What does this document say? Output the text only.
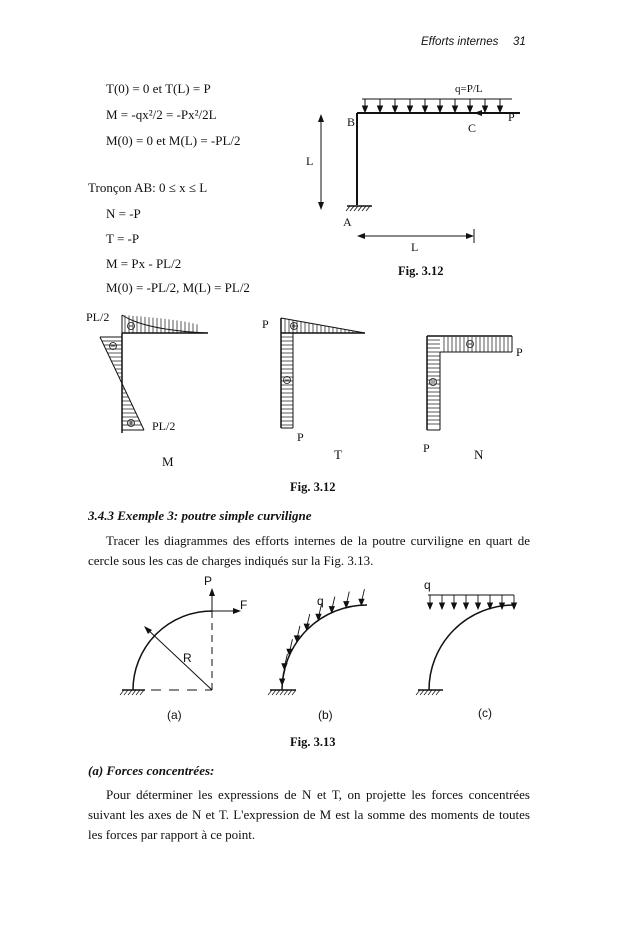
Efforts internes 31
T(0) = 0 et T(L) = P
M = -qx²/2 = -Px²/2L
M(0) = 0 et M(L) = -PL/2
Tronçon AB: 0 ≤ x ≤ L
N = -P
T = -P
M = Px - PL/2
M(0) = -PL/2, M(L) = PL/2
q=P/L
B	C
P
L
A
L
Fig. 3.12
PL/2
PL/2
M
P
P
T
P
P	N
Fig. 3.12
3.4.3 Exemple 3: poutre simple curviligne
Tracer les diagrammes des efforts internes de la poutre curviligne en quart de cercle sous les cas de charges indiqués sur la Fig. 3.13.
P
F
R
(a)
q
(b)
q
(c)
Fig. 3.13
(a) Forces concentrées:
Pour déterminer les expressions de N et T, on projette les forces concentrées suivant les axes de N et T. L'expression de M est la somme des moments de toutes les forces par rapport à ce point.
